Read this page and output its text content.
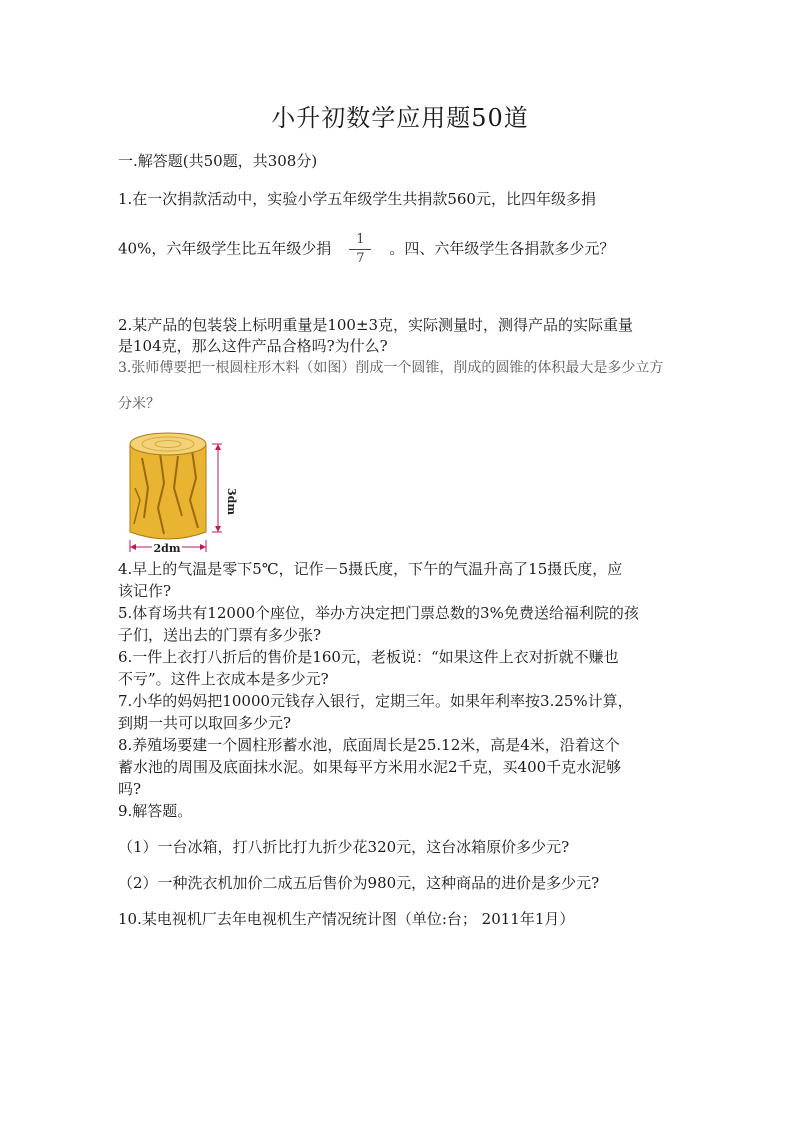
小升初数学应用题50道
一.解答题(共50题，共308分)
1.在一次捐款活动中，实验小学五年级学生共捐款560元，比四年级多捐
40%，六年级学生比五年级少捐 $\frac{1}{7}$ 。四、六年级学生各捐款多少元？
2.某产品的包装袋上标明重量是100±3克，实际测量时，测得产品的实际重量
是104克，那么这件产品合格吗?为什么?
3.张师傅要把一根圆柱形木料（如图）削成一个圆锥，削成的圆锥的体积最大是多少立方
分米？
3dm
2dm
4.早上的气温是零下5℃，记作－5摄氏度，下午的气温升高了15摄氏度，应
该记作?
5.体育场共有12000个座位，举办方决定把门票总数的3%免费送给福利院的孩
子们，送出去的门票有多少张?
6.一件上衣打八折后的售价是160元，老板说：“如果这件上衣对折就不赚也
不亏”。这件上衣成本是多少元?
7.小华的妈妈把10000元钱存入银行，定期三年。如果年利率按3.25%计算，
到期一共可以取回多少元?
8.养殖场要建一个圆柱形蓄水池，底面周长是25.12米，高是4米，沿着这个
蓄水池的周围及底面抹水泥。如果每平方米用水泥2千克，买400千克水泥够
吗?
9.解答题。
（1）一台冰箱，打八折比打九折少花320元，这台冰箱原价多少元?
（2）一种洗衣机加价二成五后售价为980元，这种商品的进价是多少元?
10.某电视机厂去年电视机生产情况统计图（单位:台； 2011年1月）
